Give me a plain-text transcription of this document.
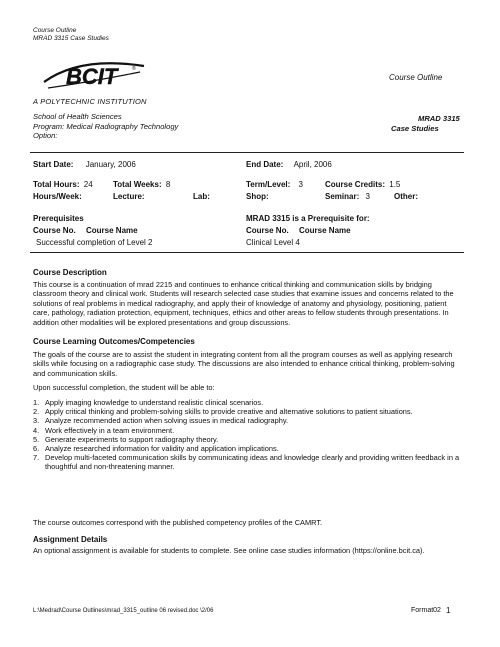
Course Outline
MRAD 3315 Case Studies
BCIT	®
A POLYTECHNIC INSTITUTION
Course Outline
MRAD 3315
Case Studies
School of Health Sciences
Program: Medical Radiography Technology
Option:
Start Date: January, 2006	End Date: April, 2006
Total Hours: 24	Total Weeks: 8	Term/Level: 3	Course Credits: 1.5
Hours/Week:	Lecture:	Lab:	Shop:	Seminar: 3	Other:
Prerequisites	MRAD 3315 is a Prerequisite for:
Course No. Course Name	Course No. Course Name
Successful completion of Level 2	Clinical Level 4
Course Description
This course is a continuation of mrad 2215 and continues to enhance critical thinking and communication skills by bridging classroom theory and clinical work. Students will research selected case studies that examine issues and concerns related to the solutions of real problems in medical radiography, and apply their of knowledge of anatomy and physiology, positioning, patient care, pathology, radiation protection, equipment, techniques, ethics and other areas to fellow students through presentations. In addition other modalities will be explored presentations and group discussions.
Course Learning Outcomes/Competencies
The goals of the course are to assist the student in integrating content from all the program courses as well as applying research skills while focusing on a radiographic case study. The discussions are also intended to enhance critical thinking, problem-solving and communication skills.
Upon successful completion, the student will be able to:
1. Apply imaging knowledge to understand realistic clinical scenarios.
2. Apply critical thinking and problem-solving skills to provide creative and alternative solutions to patient situations.
3. Analyze recommended action when solving issues in medical radiography.
4. Work effectively in a team environment.
5. Generate experiments to support radiography theory.
6. Analyze researched information for validity and application implications.
7. Develop multi-faceted communication skills by communicating ideas and knowledge clearly and providing written feedback in a thoughtful and non-threatening manner.
The course outcomes correspond with the published competency profiles of the CAMRT.
Assignment Details
An optional assignment is available for students to complete. See online case studies information (https://online.bcit.ca).
L:\Medrad\Course Outlines\mrad_3315_outline 06 revised.doc \2/06	Format02 1
